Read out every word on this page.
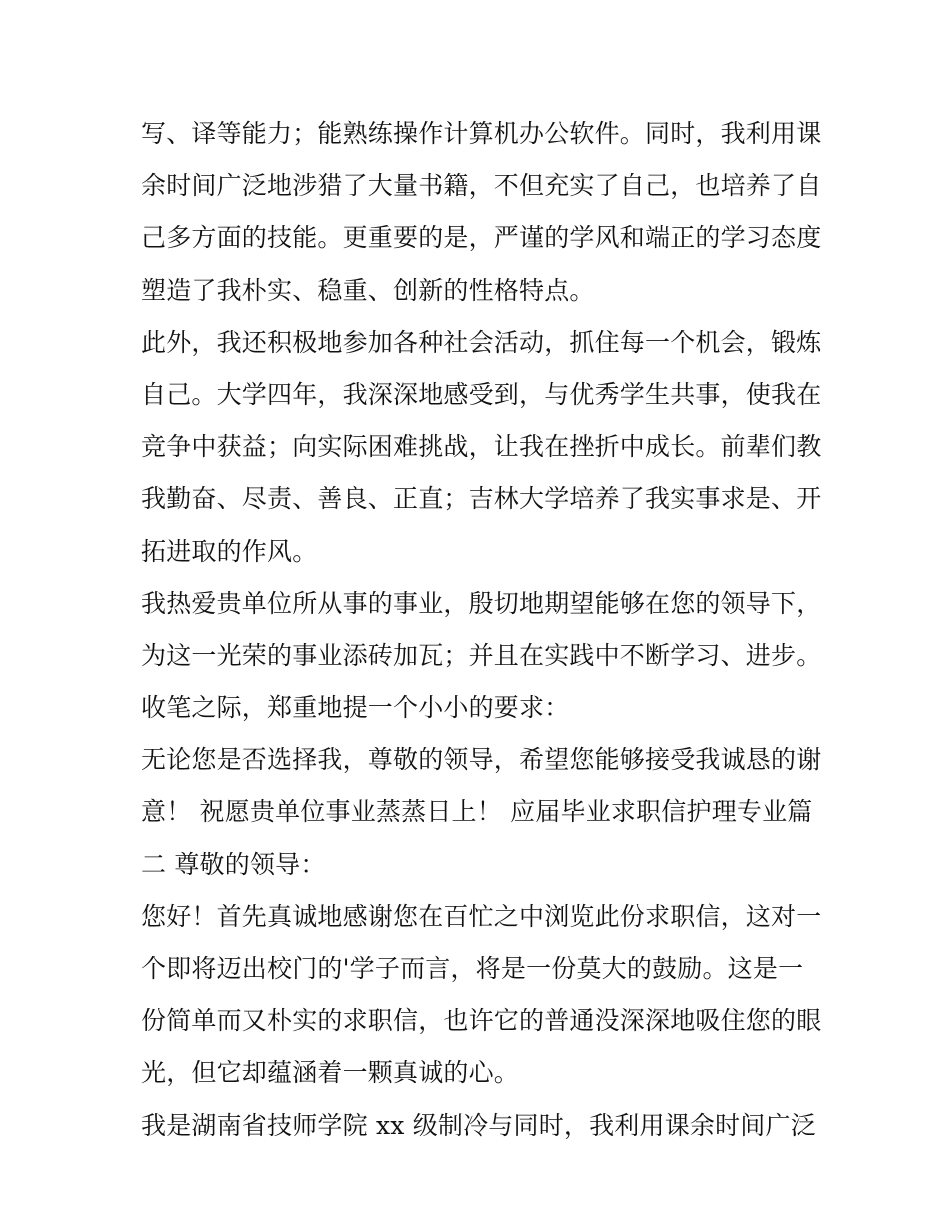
写、译等能力；能熟练操作计算机办公软件。同时，我利用课
余时间广泛地涉猎了大量书籍，不但充实了自己，也培养了自
己多方面的技能。更重要的是，严谨的学风和端正的学习态度
塑造了我朴实、稳重、创新的性格特点。
此外，我还积极地参加各种社会活动，抓住每一个机会，锻炼
自己。大学四年，我深深地感受到，与优秀学生共事，使我在
竞争中获益；向实际困难挑战，让我在挫折中成长。前辈们教
我勤奋、尽责、善良、正直；吉林大学培养了我实事求是、开
拓进取的作风。
我热爱贵单位所从事的事业，殷切地期望能够在您的领导下，
为这一光荣的事业添砖加瓦；并且在实践中不断学习、进步。
收笔之际，郑重地提一个小小的要求：
无论您是否选择我，尊敬的领导，希望您能够接受我诚恳的谢
意！ 祝愿贵单位事业蒸蒸日上！ 应届毕业求职信护理专业篇
二 尊敬的领导：
您好！首先真诚地感谢您在百忙之中浏览此份求职信，这对一
个即将迈出校门的'学子而言，将是一份莫大的鼓励。这是一
份简单而又朴实的求职信，也许它的普通没深深地吸住您的眼
光，但它却蕴涵着一颗真诚的心。
我是湖南省技师学院 xx 级制冷与同时，我利用课余时间广泛
